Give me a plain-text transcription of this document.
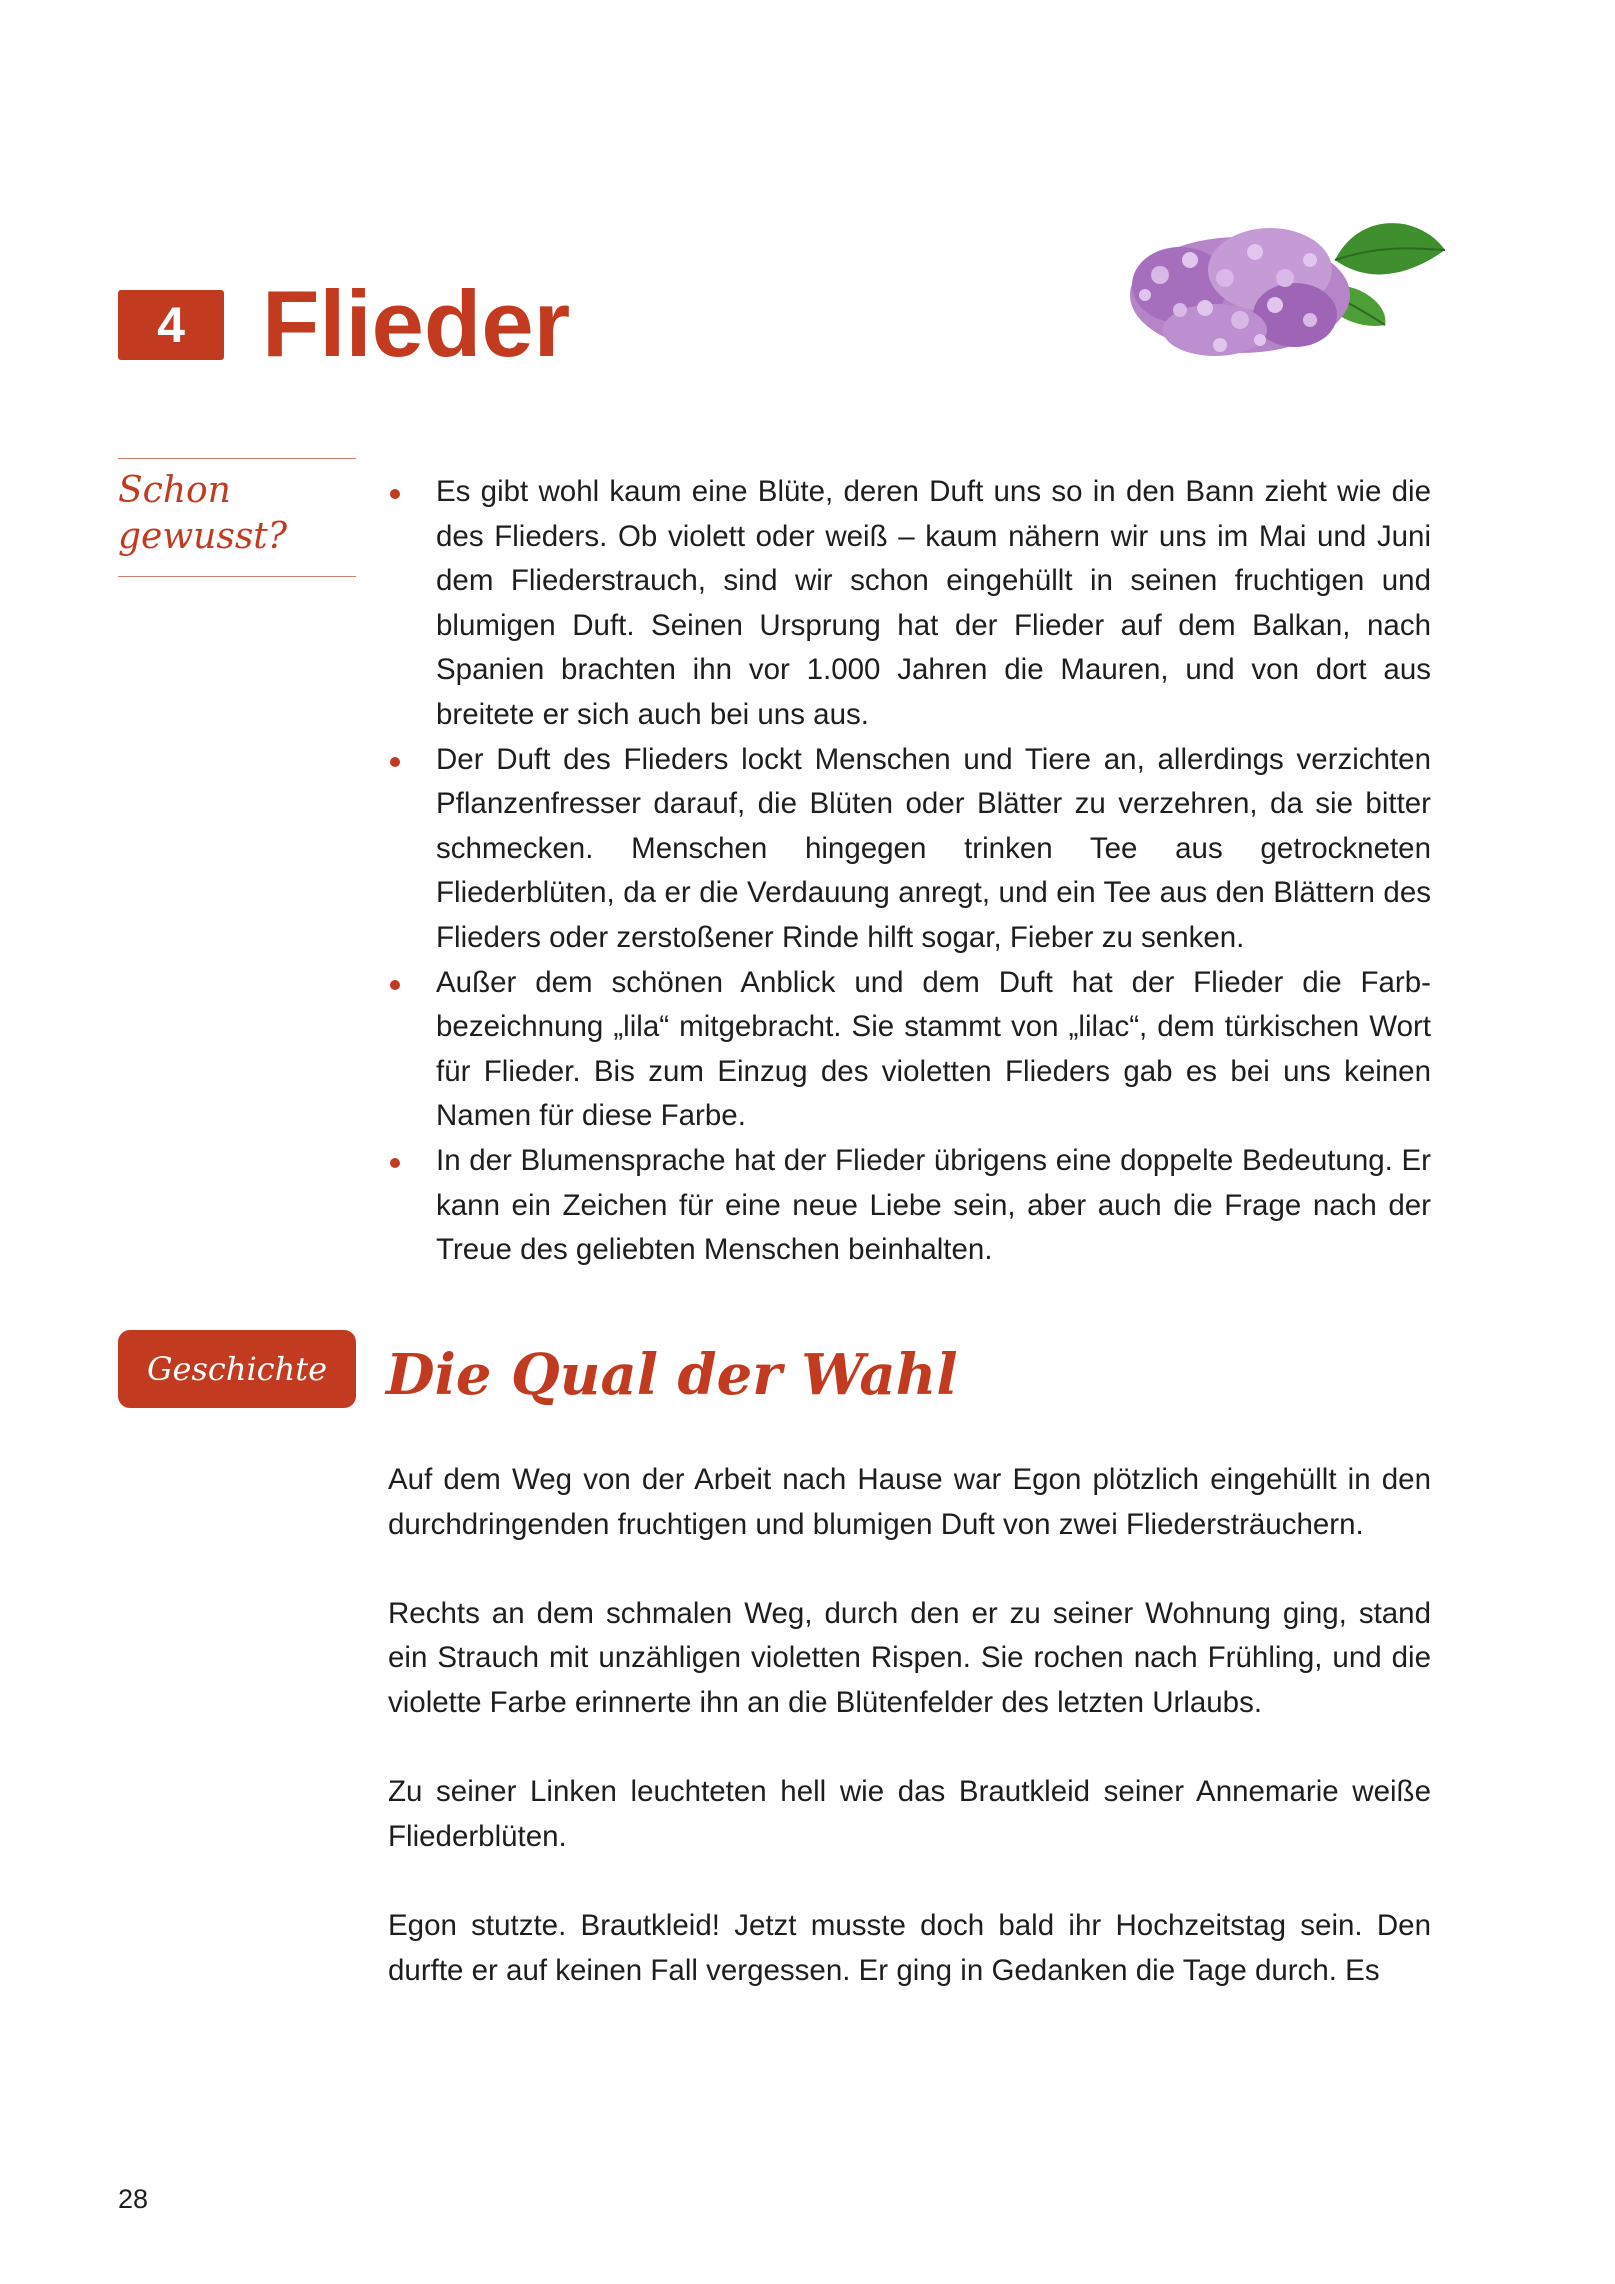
4 Flieder

Schon
gewusst?

Es gibt wohl kaum eine Blüte, deren Duft uns so in den Bann zieht wie die des Flieders. Ob violett oder weiß – kaum nähern wir uns im Mai und Juni dem Fliederstrauch, sind wir schon eingehüllt in seinen fruchtigen und blumigen Duft. Seinen Ursprung hat der Flieder auf dem Balkan, nach Spanien brachten ihn vor 1.000 Jahren die Mauren, und von dort aus breitete er sich auch bei uns aus.
Der Duft des Flieders lockt Menschen und Tiere an, allerdings verzichten Pflanzenfresser darauf, die Blüten oder Blätter zu verzehren, da sie bitter schmecken. Menschen hingegen trinken Tee aus getrockneten Fliederblüten, da er die Verdauung anregt, und ein Tee aus den Blättern des Flieders oder zerstoßener Rinde hilft sogar, Fieber zu senken.
Außer dem schönen Anblick und dem Duft hat der Flieder die Farbbezeichnung „lila“ mitgebracht. Sie stammt von „lilac“, dem türkischen Wort für Flieder. Bis zum Einzug des violetten Flieders gab es bei uns keinen Namen für diese Farbe.
In der Blumensprache hat der Flieder übrigens eine doppelte Bedeutung. Er kann ein Zeichen für eine neue Liebe sein, aber auch die Frage nach der Treue des geliebten Menschen beinhalten.
Geschichte	Die Qual der Wahl

Auf dem Weg von der Arbeit nach Hause war Egon plötzlich eingehüllt in den durchdringenden fruchtigen und blumigen Duft von zwei Fliedersträuchern.

Rechts an dem schmalen Weg, durch den er zu seiner Wohnung ging, stand ein Strauch mit unzähligen violetten Rispen. Sie rochen nach Frühling, und die violette Farbe erinnerte ihn an die Blütenfelder des letzten Urlaubs.

Zu seiner Linken leuchteten hell wie das Brautkleid seiner Annemarie weiße Fliederblüten.

Egon stutzte. Brautkleid! Jetzt musste doch bald ihr Hochzeitstag sein. Den durfte er auf keinen Fall vergessen. Er ging in Gedanken die Tage durch. Es

28
